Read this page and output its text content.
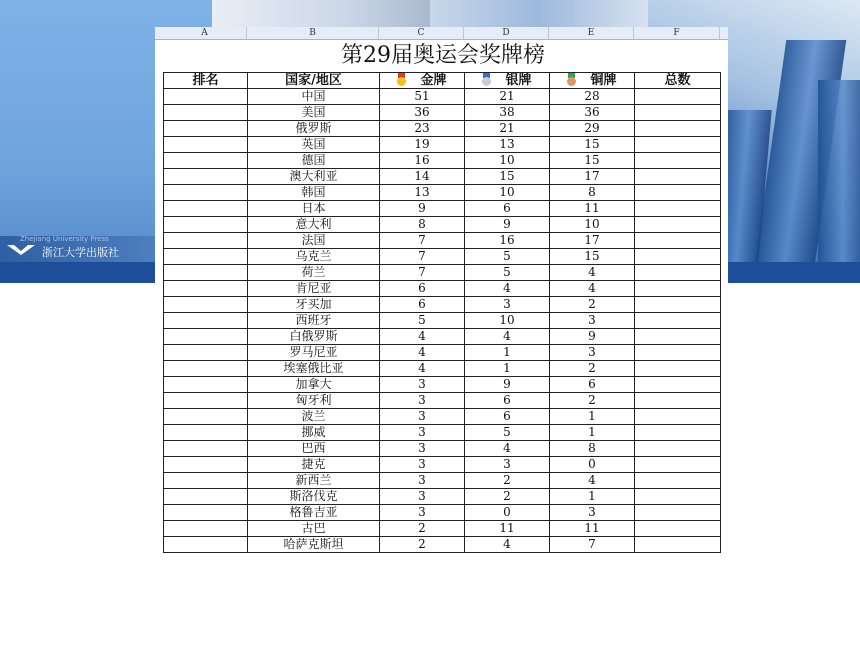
Zhejiang University Press
浙江大学出版社
A	B	C	D	E	F
第29届奥运会奖牌榜
排名	国家/地区	金牌	银牌	铜牌	总数
	中国	51	21	28	
	美国	36	38	36	
	俄罗斯	23	21	29	
	英国	19	13	15	
	德国	16	10	15	
	澳大利亚	14	15	17	
	韩国	13	10	8	
	日本	9	6	11	
	意大利	8	9	10	
	法国	7	16	17	
	乌克兰	7	5	15	
	荷兰	7	5	4	
	肯尼亚	6	4	4	
	牙买加	6	3	2	
	西班牙	5	10	3	
	白俄罗斯	4	4	9	
	罗马尼亚	4	1	3	
	埃塞俄比亚	4	1	2	
	加拿大	3	9	6	
	匈牙利	3	6	2	
	波兰	3	6	1	
	挪威	3	5	1	
	巴西	3	4	8	
	捷克	3	3	0	
	新西兰	3	2	4	
	斯洛伐克	3	2	1	
	格鲁吉亚	3	0	3	
	古巴	2	11	11	
	哈萨克斯坦	2	4	7	
